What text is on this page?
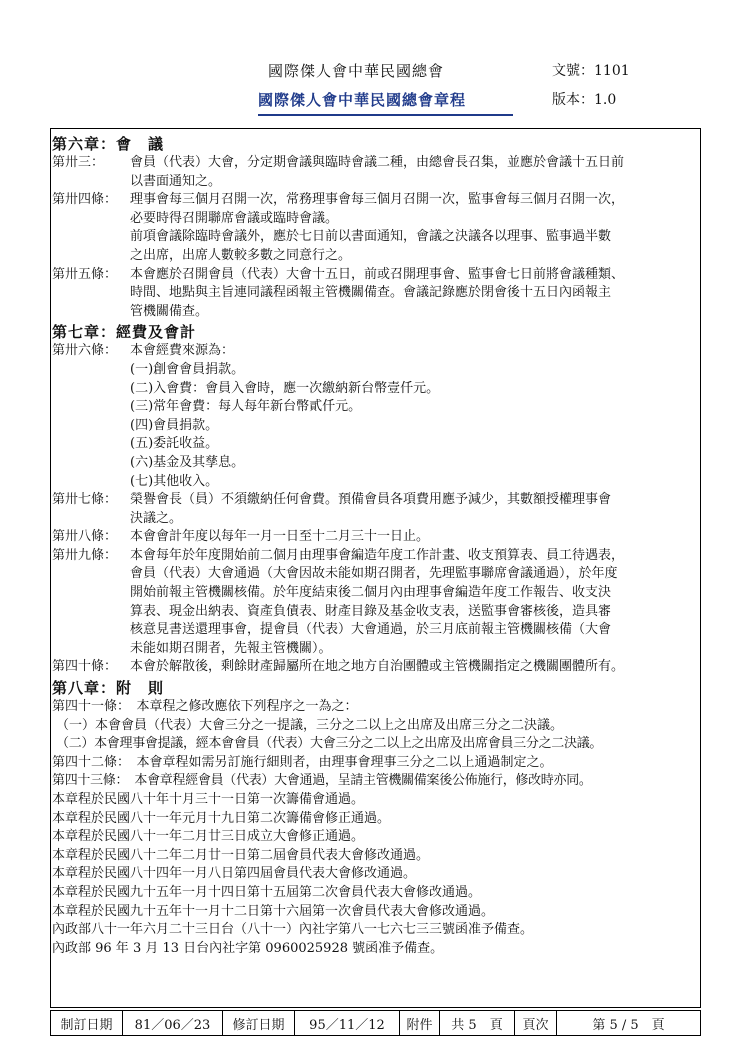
國際傑人會中華民國總會	文號：1101
國際傑人會中華民國總會章程	版本：1.0
第六章：會　議
第卅三：	會員（代表）大會，分定期會議與臨時會議二種，由總會長召集，並應於會議十五日前
以書面通知之。
第卅四條： 理事會每三個月召開一次，常務理事會每三個月召開一次，監事會每三個月召開一次，
必要時得召開聯席會議或臨時會議。
前項會議除臨時會議外，應於七日前以書面通知，會議之決議各以理事、監事過半數
之出席，出席人數較多數之同意行之。
第卅五條： 本會應於召開會員（代表）大會十五日，前或召開理事會、監事會七日前將會議種類、
時間、地點與主旨連同議程函報主管機關備查。會議記錄應於閉會後十五日內函報主
管機關備查。
第七章：經費及會計
第卅六條： 本會經費來源為：
(一)創會會員捐款。
(二)入會費：會員入會時，應一次繳納新台幣壹仟元。
(三)常年會費：每人每年新台幣貳仟元。
(四)會員捐款。
(五)委託收益。
(六)基金及其孳息。
(七)其他收入。
第卅七條： 榮譽會長（員）不須繳納任何會費。預備會員各項費用應予減少，其數額授權理事會
決議之。
第卅八條： 本會會計年度以每年一月一日至十二月三十一日止。
第卅九條： 本會每年於年度開始前二個月由理事會編造年度工作計畫、收支預算表、員工待遇表，
會員（代表）大會通過（大會因故未能如期召開者，先理監事聯席會議通過），於年度
開始前報主管機關核備。於年度結束後二個月內由理事會編造年度工作報告、收支決
算表、現金出納表、資產負債表、財產目錄及基金收支表，送監事會審核後，造具審
核意見書送還理事會，提會員（代表）大會通過，於三月底前報主管機關核備（大會
未能如期召開者，先報主管機關）。
第四十條： 本會於解散後，剩餘財產歸屬所在地之地方自治團體或主管機關指定之機關團體所有。
第八章：附　則
第四十一條：　本章程之修改應依下列程序之一為之：
（一）本會會員（代表）大會三分之一提議，三分之二以上之出席及出席三分之二決議。
（二）本會理事會提議，經本會會員（代表）大會三分之二以上之出席及出席會員三分之二決議。
第四十二條：　本會章程如需另訂施行細則者，由理事會理事三分之二以上通過制定之。
第四十三條：　本會章程經會員（代表）大會通過，呈請主管機關備案後公佈施行，修改時亦同。
本章程於民國八十年十月三十一日第一次籌備會通過。
本章程於民國八十一年元月十九日第二次籌備會修正通過。
本章程於民國八十一年二月廿三日成立大會修正通過。
本章程於民國八十二年二月廿一日第二屆會員代表大會修改通過。
本章程於民國八十四年一月八日第四屆會員代表大會修改通過。
本章程於民國九十五年一月十四日第十五屆第二次會員代表大會修改通過。
本章程於民國九十五年十一月十二日第十六屆第一次會員代表大會修改通過。
內政部八十一年六月二十三日台（八十一）內社字第八一七六七三三號函准予備查。
內政部 96 年 3 月 13 日台內社字第 0960025928 號函准予備查。
制訂日期	81／06／23	修訂日期	95／11／12	附件	共 5　頁	頁次	第 5 / 5　頁
